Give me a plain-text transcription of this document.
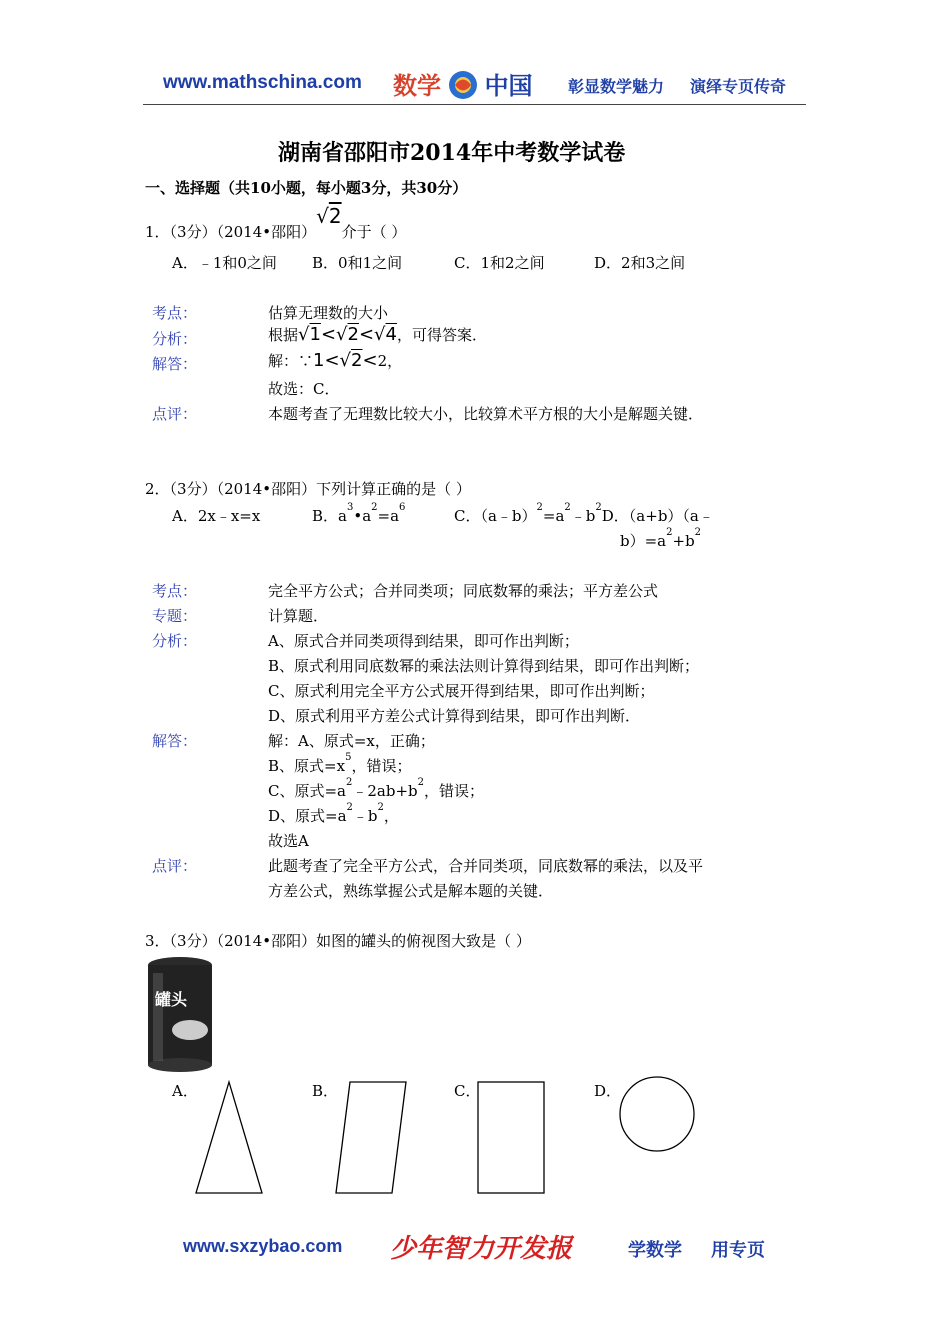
www.mathschina.com 数学 中国 彰显数学魅力 演绎专页传奇
湖南省邵阳市2014年中考数学试卷
一、选择题（共10小题，每小题3分，共30分）
1．（3分）（2014•邵阳）√2介于（ ）
A．﹣1和0之间 B．0和1之间	C．1和2之间	D．2和3之间
考点：	估算无理数的大小
分析：	根据√1<√2<√4，可得答案．
解答：	解：∵1<√2<2，
故选：C．
点评：	本题考查了无理数比较大小，比较算术平方根的大小是解题关键．
2．（3分）（2014•邵阳）下列计算正确的是（ ）
A．2x﹣x=x	B．$a^3•a^2=a^6$	C．$(a﹣b)^2=a^2﹣b^2D$．（a+b）（a﹣
$b)=a^2+b^2$
考点：	完全平方公式；合并同类项；同底数幂的乘法；平方差公式
专题：	计算题．
分析：	A、原式合并同类项得到结果，即可作出判断；
B、原式利用同底数幂的乘法法则计算得到结果，即可作出判断；
C、原式利用完全平方公式展开得到结果，即可作出判断；
D、原式利用平方差公式计算得到结果，即可作出判断．
解答：	解：A、原式=x，正确；
B、原式$=x^5$，错误；
C、原式$=a^2﹣2ab+b^2$，错误；
D、原式$=a^2﹣b^2$，
故选A
点评：	此题考查了完全平方公式，合并同类项，同底数幂的乘法，以及平
方差公式，熟练掌握公式是解本题的关键．
3．（3分）（2014•邵阳）如图的罐头的俯视图大致是（ ）
罐头
A．	B．	C．	D．
www.sxzybao.com 少年智力开发报	学数学 用专页
